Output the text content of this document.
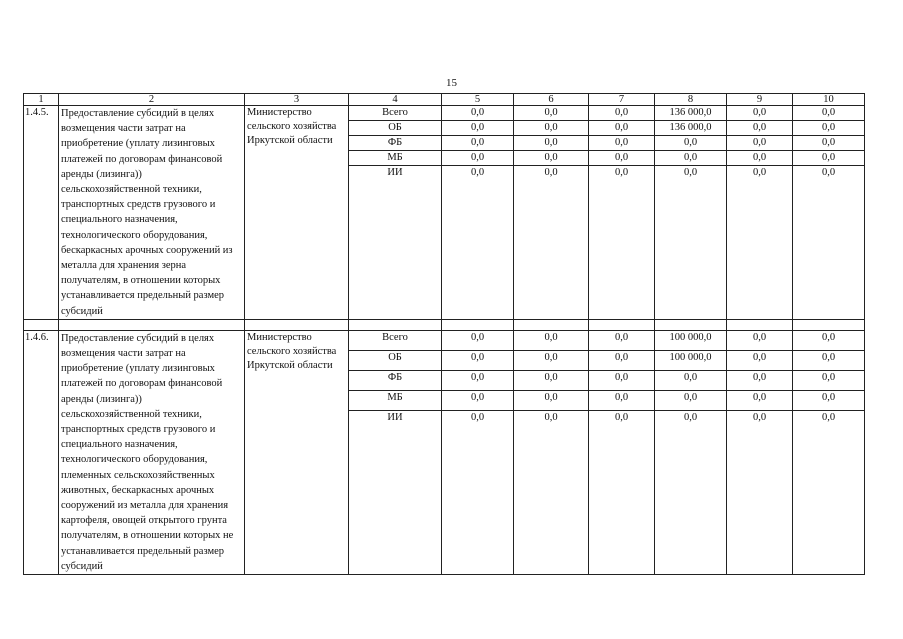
15
1	2	3	4	5	6	7	8	9	10
1.4.5.	Предоставление субсидий в целях возмещения части затрат на приобретение (уплату лизинговых платежей по договорам финансовой аренды (лизинга)) сельскохозяйственной техники, транспортных средств грузового и специального назначения, технологического оборудования, бескаркасных арочных сооружений из металла для хранения зерна получателям, в отношении которых устанавливается предельный размер субсидий	Министерство сельского хозяйства Иркутской области	Всего	0,0	0,0	0,0	136 000,0	0,0	0,0
			ОБ	0,0	0,0	0,0	136 000,0	0,0	0,0
			ФБ	0,0	0,0	0,0	0,0	0,0	0,0
			МБ	0,0	0,0	0,0	0,0	0,0	0,0
			ИИ	0,0	0,0	0,0	0,0	0,0	0,0

1.4.6.	Предоставление субсидий в целях возмещения части затрат на приобретение (уплату лизинговых платежей по договорам финансовой аренды (лизинга)) сельскохозяйственной техники, транспортных средств грузового и специального назначения, технологического оборудования, племенных сельскохозяйственных животных, бескаркасных арочных сооружений из металла для хранения картофеля, овощей открытого грунта получателям, в отношении которых не устанавливается предельный размер субсидий	Министерство сельского хозяйства Иркутской области	Всего	0,0	0,0	0,0	100 000,0	0,0	0,0
			ОБ	0,0	0,0	0,0	100 000,0	0,0	0,0
			ФБ	0,0	0,0	0,0	0,0	0,0	0,0
			МБ	0,0	0,0	0,0	0,0	0,0	0,0
			ИИ	0,0	0,0	0,0	0,0	0,0	0,0
